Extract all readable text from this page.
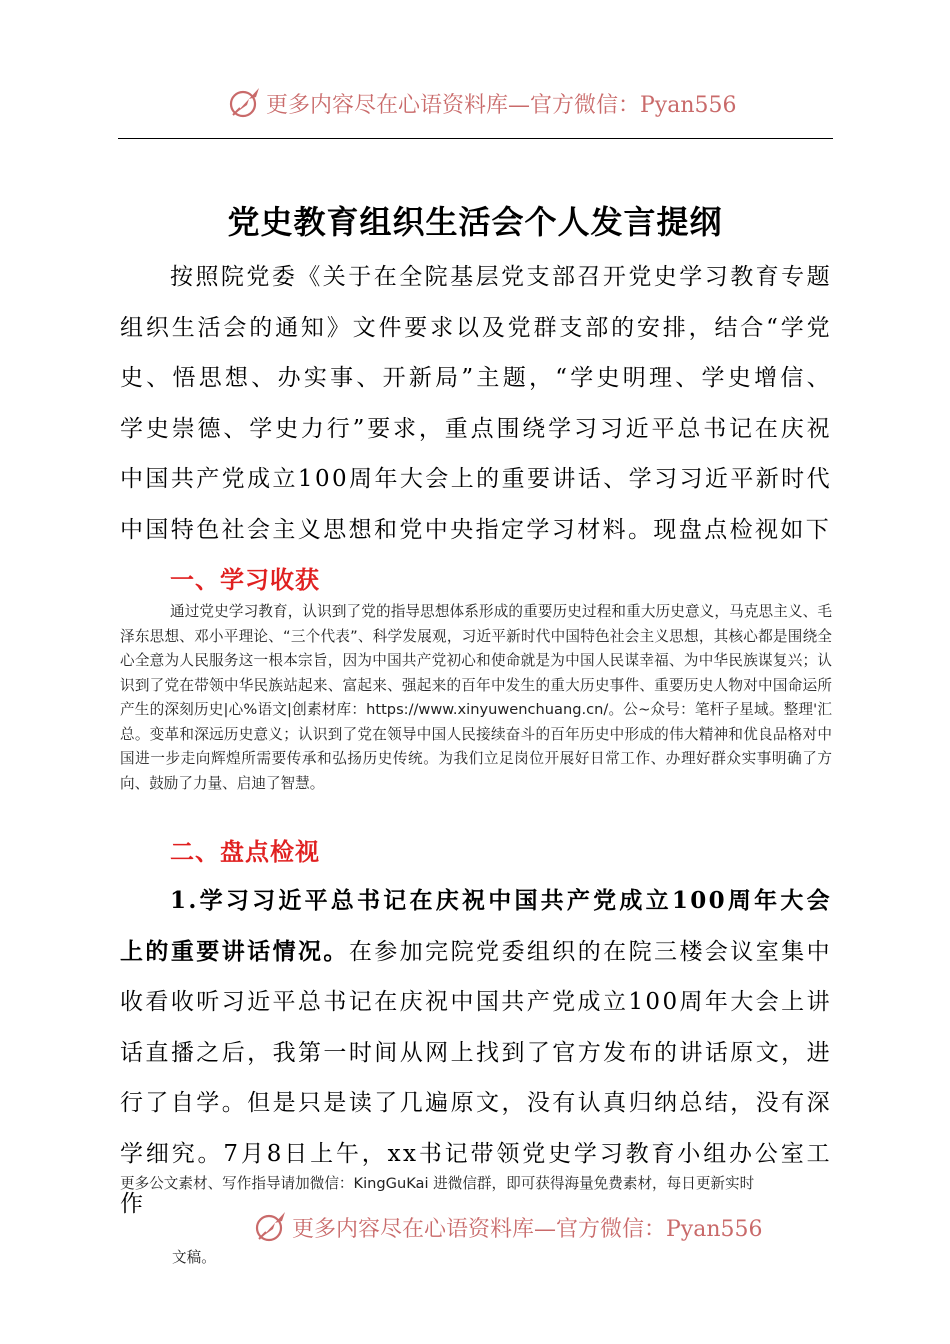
更多内容尽在心语资料库—官方微信：Pyan556
党史教育组织生活会个人发言提纲

按照院党委《关于在全院基层党支部召开党史学习教育专题组织生活会的通知》文件要求以及党群支部的安排，结合“学党史、悟思想、办实事、开新局”主题，“学史明理、学史增信、学史崇德、学史力行”要求，重点围绕学习习近平总书记在庆祝中国共产党成立100周年大会上的重要讲话、学习习近平新时代中国特色社会主义思想和党中央指定学习材料。现盘点检视如下

一、学习收获

通过党史学习教育，认识到了党的指导思想体系形成的重要历史过程和重大历史意义，马克思主义、毛泽东思想、邓小平理论、“三个代表”、科学发展观，习近平新时代中国特色社会主义思想，其核心都是围绕全心全意为人民服务这一根本宗旨，因为中国共产党初心和使命就是为中国人民谋幸福、为中华民族谋复兴；认识到了党在带领中华民族站起来、富起来、强起来的百年中发生的重大历史事件、重要历史人物对中国命运所产生的深刻历史|心%语文|创素材库：https://www.xinyuwenchuang.cn/。公~众号：笔杆子星域。整理'汇总。变革和深远历史意义；认识到了党在领导中国人民接续奋斗的百年历史中形成的伟大精神和优良品格对中国进一步走向辉煌所需要传承和弘扬历史传统。为我们立足岗位开展好日常工作、办理好群众实事明确了方向、鼓励了力量、启迪了智慧。

二、盘点检视

1.学习习近平总书记在庆祝中国共产党成立100周年大会上的重要讲话情况。在参加完院党委组织的在院三楼会议室集中收看收听习近平总书记在庆祝中国共产党成立100周年大会上讲话直播之后，我第一时间从网上找到了官方发布的讲话原文，进行了自学。但是只是读了几遍原文，没有认真归纳总结，没有深学细究。7月8日上午，xx书记带领党史学习教育小组办公室工作

更多公文素材、写作指导请加微信：KingGuKai 进微信群，即可获得海量免费素材，每日更新实时

更多内容尽在心语资料库—官方微信：Pyan556

文稿。
